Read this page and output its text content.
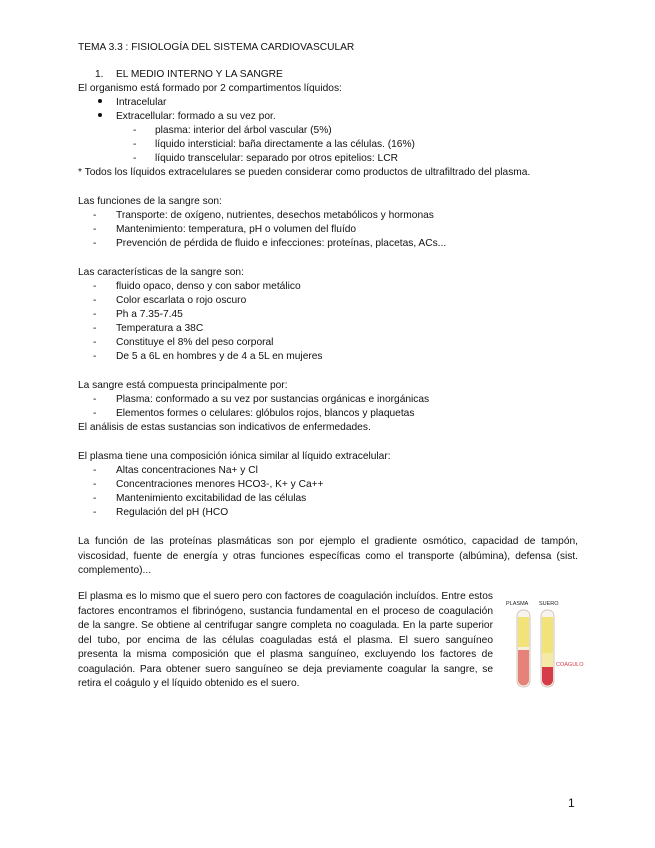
TEMA 3.3 : FISIOLOGÍA DEL SISTEMA CARDIOVASCULAR
1. EL MEDIO INTERNO Y LA SANGRE
El organismo está formado por 2 compartimentos líquidos:
Intracelular
Extracellular: formado a su vez por.
- plasma: interior del árbol vascular (5%)
- líquido intersticial: baña directamente a las células. (16%)
- líquido transcelular: separado por otros epitelios: LCR
* Todos los líquidos extracelulares se pueden considerar como productos de ultrafiltrado del plasma.
Las funciones de la sangre son:
- Transporte: de oxígeno, nutrientes, desechos metabólicos y hormonas
- Mantenimiento: temperatura, pH o volumen del fluído
- Prevención de pérdida de fluido e infecciones: proteínas, placetas, ACs...
Las características de la sangre son:
- fluido opaco, denso y con sabor metálico
- Color escarlata o rojo oscuro
- Ph a 7.35-7.45
- Temperatura a 38C
- Constituye el 8% del peso corporal
- De 5 a 6L en hombres y de 4 a 5L en mujeres
La sangre está compuesta principalmente por:
- Plasma: conformado a su vez por sustancias orgánicas e inorgánicas
- Elementos formes o celulares: glóbulos rojos, blancos y plaquetas
El análisis de estas sustancias son indicativos de enfermedades.
El plasma tiene una composición iónica similar al líquido extracelular:
- Altas concentraciones Na+ y Cl
- Concentraciones menores HCO3-, K+ y Ca++
- Mantenimiento excitabilidad de las células
- Regulación del pH (HCO
La función de las proteínas plasmáticas son por ejemplo el gradiente osmótico, capacidad de tampón, viscosidad, fuente de energía y otras funciones específicas como el transporte (albúmina), defensa (sist. complemento)...
El plasma es lo mismo que el suero pero con factores de coagulación incluídos. Entre estos factores encontramos el fibrinógeno, sustancia fundamental en el proceso de coagulación de la sangre. Se obtiene al centrifugar sangre completa no coagulada. En la parte superior del tubo, por encima de las células coaguladas está el plasma. El suero sanguíneo presenta la misma composición que el plasma sanguíneo, excluyendo los factores de coagulación. Para obtener suero sanguíneo se deja previamente coagular la sangre, se retira el coágulo y el líquido obtenido es el suero.
PLASMA SUERO
COÁGULO
1
